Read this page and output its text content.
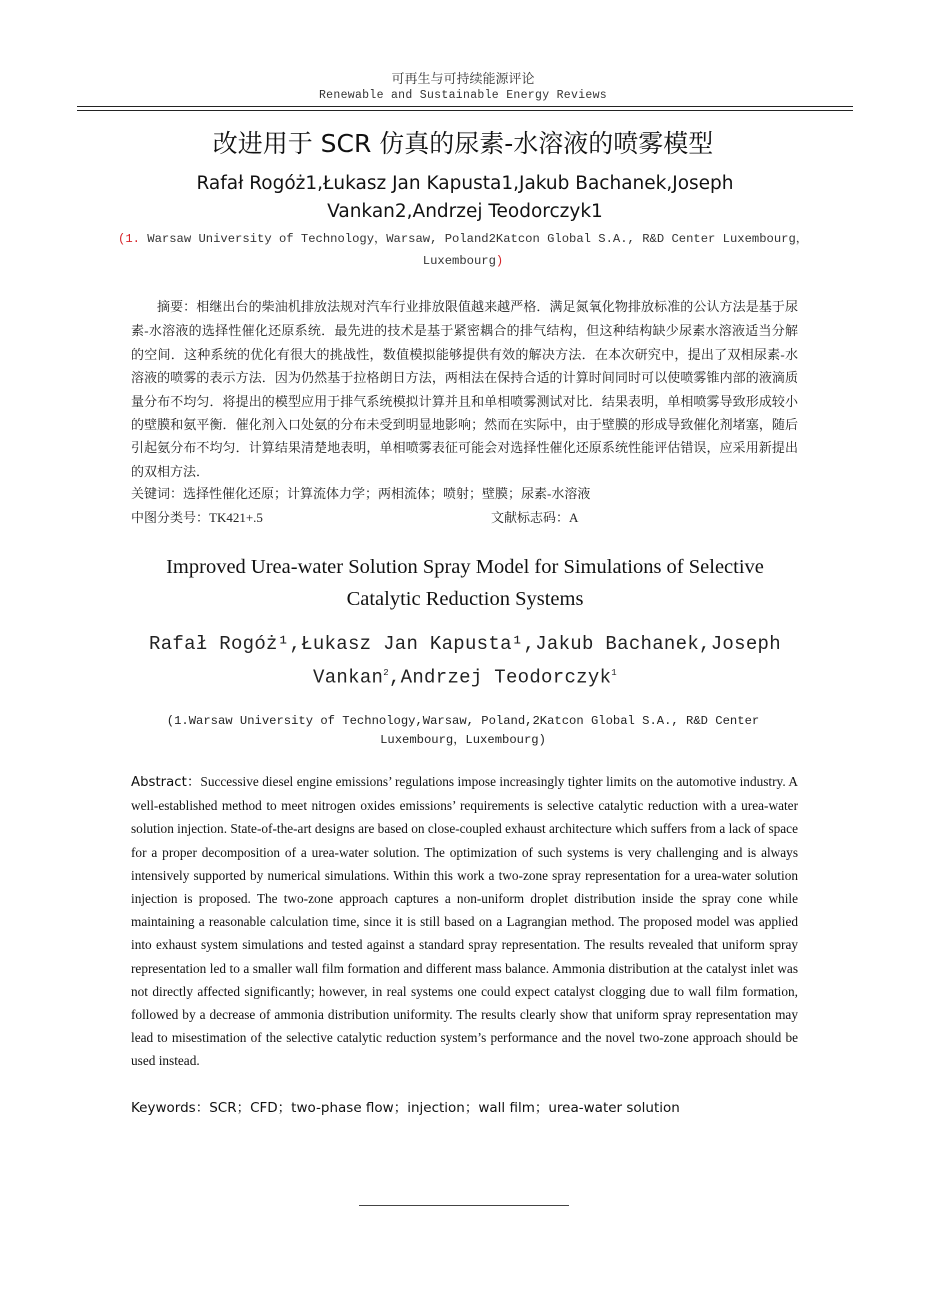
可再生与可持续能源评论
Renewable and Sustainable Energy Reviews
改进用于 SCR 仿真的尿素-水溶液的喷雾模型
Rafał Rogóż1,Łukasz Jan Kapusta1,Jakub Bachanek,Joseph Vankan2,Andrzej Teodorczyk1
(1. Warsaw University of Technology，Warsaw, Poland2Katcon Global S.A., R&D Center Luxembourg，Luxembourg)
摘要：相继出台的柴油机排放法规对汽车行业排放限值越来越严格．满足氮氧化物排放标准的公认方法是基于尿素-水溶液的选择性催化还原系统．最先进的技术是基于紧密耦合的排气结构，但这种结构缺少尿素水溶液适当分解的空间．这种系统的优化有很大的挑战性，数值模拟能够提供有效的解决方法．在本次研究中，提出了双相尿素-水溶液的喷雾的表示方法．因为仍然基于拉格朗日方法，两相法在保持合适的计算时间同时可以使喷雾锥内部的液滴质量分布不均匀．将提出的模型应用于排气系统模拟计算并且和单相喷雾测试对比．结果表明，单相喷雾导致形成较小的壁膜和氨平衡．催化剂入口处氨的分布未受到明显地影响；然而在实际中，由于壁膜的形成导致催化剂堵塞，随后引起氨分布不均匀．计算结果清楚地表明，单相喷雾表征可能会对选择性催化还原系统性能评估错误，应采用新提出的双相方法．
关键词：选择性催化还原；计算流体力学；两相流体；喷射；壁膜；尿素-水溶液
中图分类号：TK421+.5	文献标志码：A
Improved Urea-water Solution Spray Model for Simulations of Selective Catalytic Reduction Systems
Rafał Rogóż¹,Łukasz Jan Kapusta¹,Jakub Bachanek,Joseph Vankan$^2$,Andrzej Teodorczyk$^1$
(1.Warsaw University of Technology,Warsaw, Poland,2Katcon Global S.A., R&D Center Luxembourg，Luxembourg)
Abstract：Successive diesel engine emissions’ regulations impose increasingly tighter limits on the automotive industry. A well-established method to meet nitrogen oxides emissions’ requirements is selective catalytic reduction with a urea-water solution injection. State-of-the-art designs are based on close-coupled exhaust architecture which suffers from a lack of space for a proper decomposition of a urea-water solution. The optimization of such systems is very challenging and is always intensively supported by numerical simulations. Within this work a two-zone spray representation for a urea-water solution injection is proposed. The two-zone approach captures a non-uniform droplet distribution inside the spray cone while maintaining a reasonable calculation time, since it is still based on a Lagrangian method. The proposed model was applied into exhaust system simulations and tested against a standard spray representation. The results revealed that uniform spray representation led to a smaller wall film formation and different mass balance. Ammonia distribution at the catalyst inlet was not directly affected significantly; however, in real systems one could expect catalyst clogging due to wall film formation, followed by a decrease of ammonia distribution uniformity. The results clearly show that uniform spray representation may lead to misestimation of the selective catalytic reduction system’s performance and the novel two-zone approach should be used instead.
Keywords：SCR；CFD；two-phase flow；injection；wall film；urea-water solution
